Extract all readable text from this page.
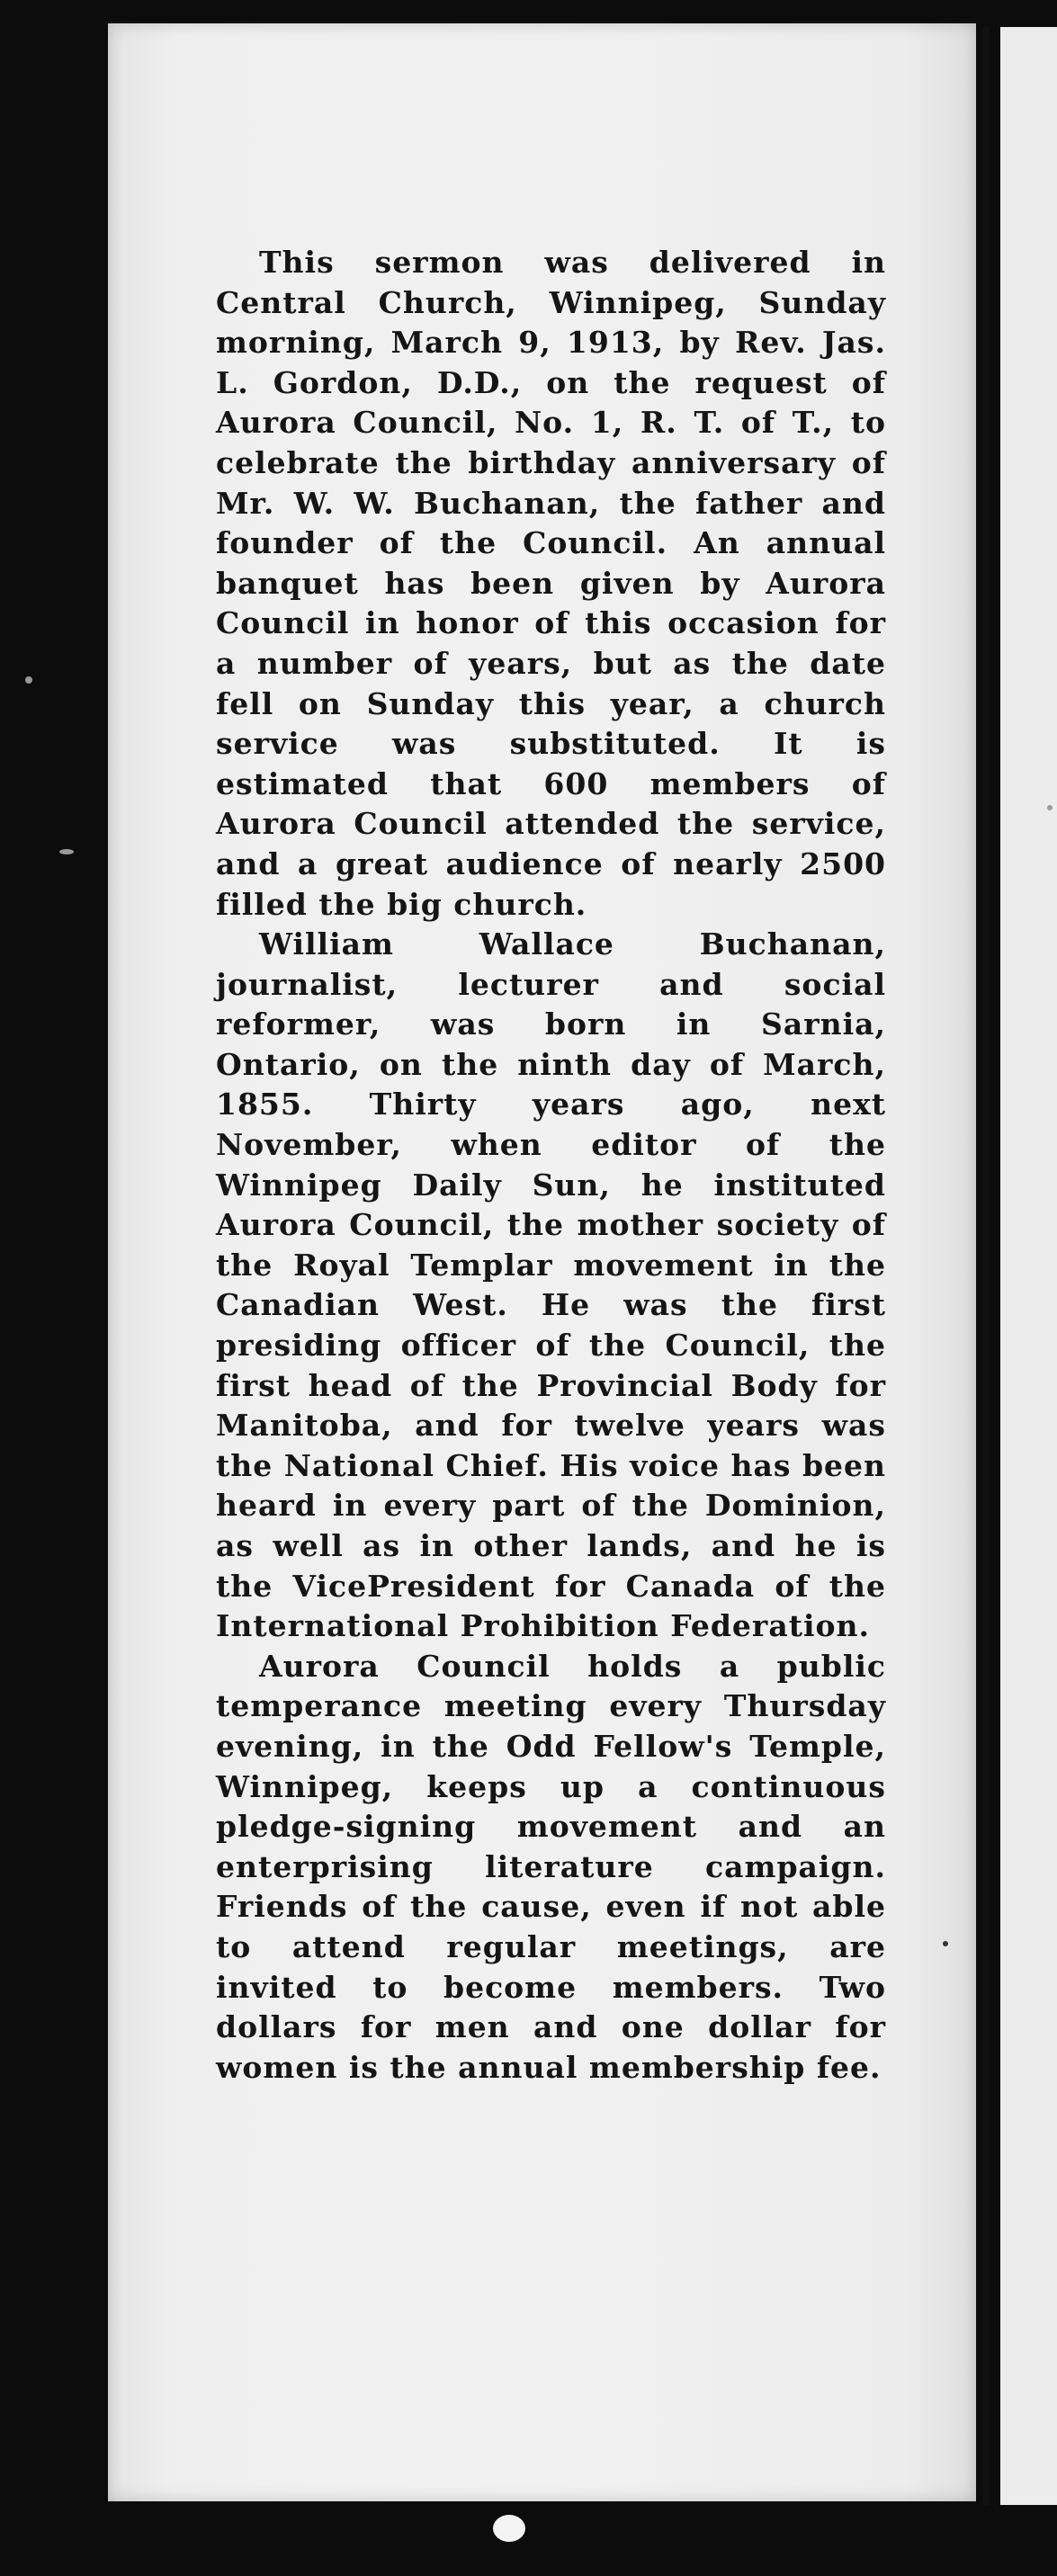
This sermon was delivered in Central Church, Winnipeg, Sunday morning, March 9, 1913, by Rev. Jas. L. Gordon, D.D., on the request of Aurora Council, No. 1, R. T. of T., to celebrate the birthday anniversary of Mr. W. W. Buchanan, the father and founder of the Council. An annual banquet has been given by Aurora Council in honor of this occasion for a number of years, but as the date fell on Sunday this year, a church service was substituted. It is estimated that 600 members of Aurora Council attended the service, and a great audience of nearly 2500 filled the big church.

William Wallace Buchanan, journalist, lecturer and social reformer, was born in Sarnia, Ontario, on the ninth day of March, 1855. Thirty years ago, next November, when editor of the Winnipeg Daily Sun, he instituted Aurora Council, the mother society of the Royal Templar movement in the Canadian West. He was the first presiding officer of the Council, the first head of the Provincial Body for Manitoba, and for twelve years was the National Chief. His voice has been heard in every part of the Dominion, as well as in other lands, and he is the VicePresident for Canada of the International Prohibition Federation.

Aurora Council holds a public temperance meeting every Thursday evening, in the Odd Fellow's Temple, Winnipeg, keeps up a continuous pledge-signing movement and an enterprising literature campaign. Friends of the cause, even if not able to attend regular meetings, are invited to become members. Two dollars for men and one dollar for women is the annual membership fee.
